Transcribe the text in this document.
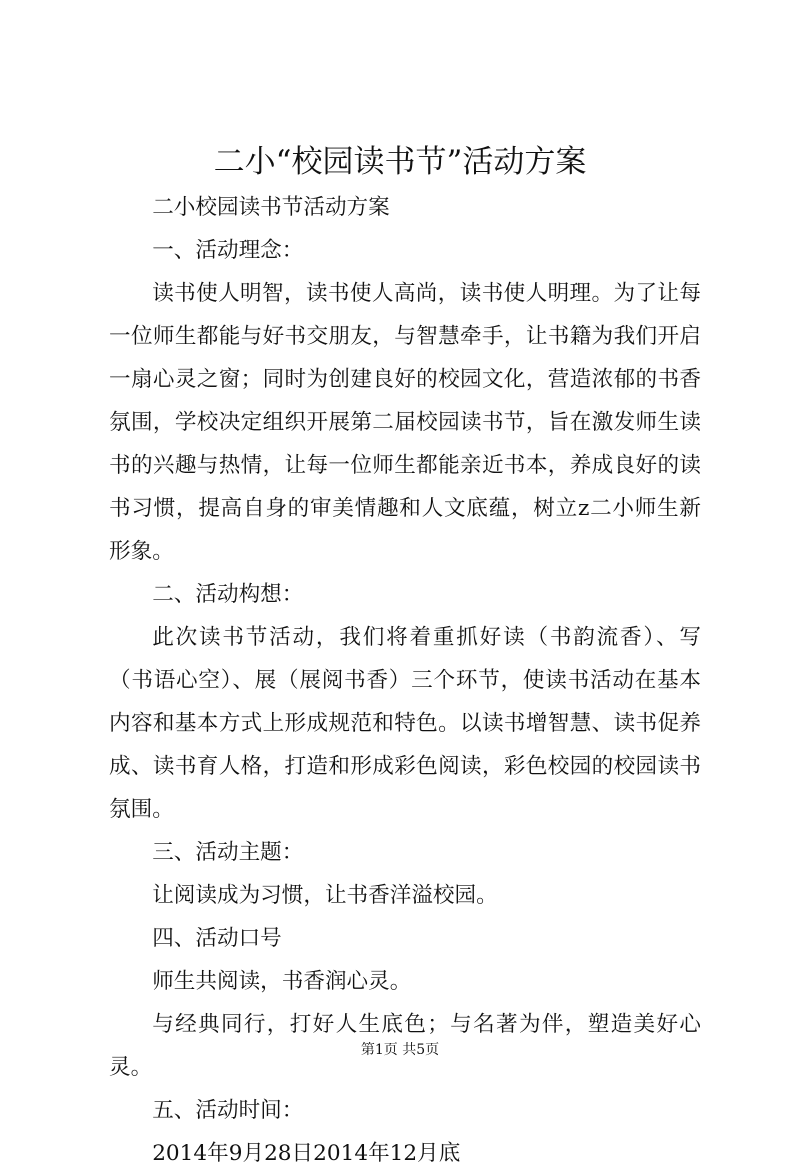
二小“校园读书节”活动方案

二小校园读书节活动方案

一、活动理念：

读书使人明智，读书使人高尚，读书使人明理。为了让每一位师生都能与好书交朋友，与智慧牵手，让书籍为我们开启一扇心灵之窗；同时为创建良好的校园文化，营造浓郁的书香氛围，学校决定组织开展第二届校园读书节，旨在激发师生读书的兴趣与热情，让每一位师生都能亲近书本，养成良好的读书习惯，提高自身的审美情趣和人文底蕴，树立z二小师生新形象。

二、活动构想：

此次读书节活动，我们将着重抓好读（书韵流香）、写（书语心空）、展（展阅书香）三个环节，使读书活动在基本内容和基本方式上形成规范和特色。以读书增智慧、读书促养成、读书育人格，打造和形成彩色阅读，彩色校园的校园读书氛围。

三、活动主题：

让阅读成为习惯，让书香洋溢校园。

四、活动口号

师生共阅读，书香润心灵。

与经典同行，打好人生底色；与名著为伴，塑造美好心灵。

五、活动时间：

2014年9月28日2014年12月底

第1页 共5页
